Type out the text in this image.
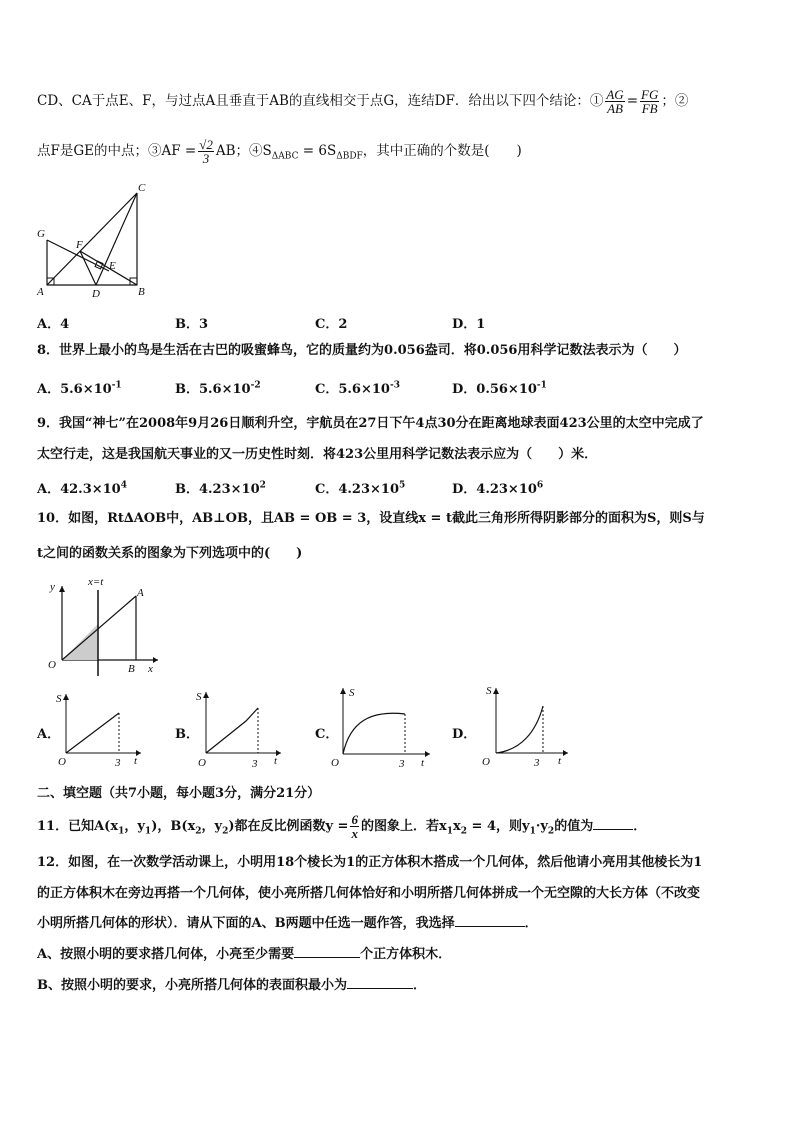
CD、CA于点E、F，与过点A且垂直于AB的直线相交于点G，连结DF．给出以下四个结论：① $\frac{AG}{AB} = \frac{FG}{FB}$ ；②
点F是GE的中点；③AF = $\frac{√2}{3}$ AB；$④S_{\Delta ABC} = 6S_{\Delta BDF}$，其中正确的个数是(　　)
C
G
F
E
A	D	B
A．4	B．3	C．2	D．1
8．世界上最小的鸟是生活在古巴的吸蜜蜂鸟，它的质量约为0.056盎司．将0.056用科学记数法表示为（　　）
A．$5.6\times 10^{-1}$	B．$5.6\times 10^{-2}$	C．$5.6\times 10^{-3}$	D．$0.56\times 10^{-1}$
9．我国“神七”在2008年9月26日顺利升空，宇航员在27日下午4点30分在距离地球表面423公里的太空中完成了
太空行走，这是我国航天事业的又一历史性时刻．将423公里用科学记数法表示应为（　　）米．
A．$42.3\times 10^4$	B．$4.23\times 10^2$	C．$4.23\times 10^5$	D．$4.23\times 10^6$
10．如图，Rt∆AOB中，AB⊥OB，且AB = OB = 3，设直线x = t截此三角形所得阴影部分的面积为S，则S与
t之间的函数关系的图象为下列选项中的(　　)
y	x=t
A
O	B x
A．
S
O	3 t
B．
S
O	3 t
C．
S
O	3 t
D．
S
O	3 t
二、填空题（共7小题，每小题3分，满分21分）
11．已知$A(x_1$，$y_1$)，$B(x_2$，$y_2$)都在反比例函数$y = \frac{6}{x}$ 的图象上．若$x_1x_2 = 4$，则$y_1\cdot y_2$的值为	．
12．如图，在一次数学活动课上，小明用18个棱长为1的正方体积木搭成一个几何体，然后他请小亮用其他棱长为1
的正方体积木在旁边再搭一个几何体，使小亮所搭几何体恰好和小明所搭几何体拼成一个无空隙的大长方体（不改变
小明所搭几何体的形状）．请从下面的A、B两题中任选一题作答，我选择	．
A、按照小明的要求搭几何体，小亮至少需要	个正方体积木．
B、按照小明的要求，小亮所搭几何体的表面积最小为	．
